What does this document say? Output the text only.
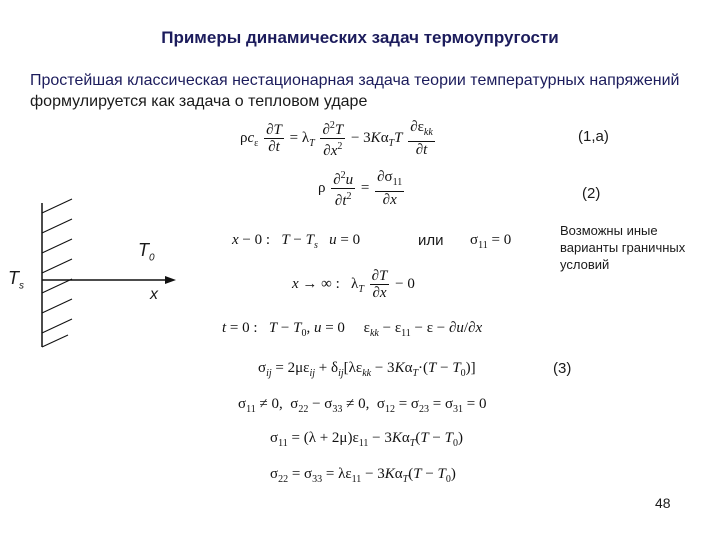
Примеры динамических задач термоупругости
Простейшая классическая нестационарная задача теории температурных напряжений формулируется как задача о тепловом ударе
$\rho c_\varepsilon \frac{\partial T}{\partial t} = \lambda_T \frac{\partial^2T}{\partial x^2} - 3K\alpha_TT \frac{\partial\varepsilon_{kk}}{\partial t}$	(1,a)
ρ $\frac{\partial^2u}{\partial t^2} = \frac{\partial\sigma_{11}}{\partial x}$	(2)
$T_0$
$T_s$	x
x − 0 :   $T - T_s$ u = 0	или $\sigma_{11} = 0$
Возможны иные варианты граничных условий
x → ∞ :   $\lambda_T \frac{\partial T}{\partial x} - 0$
t = 0 :   $T - T_0$, u = 0     $\varepsilon_{kk} - \varepsilon_{11} - \varepsilon - \partial u/\partial x$
$\sigma_{ij} = 2\mu\varepsilon_{ij} + \delta_{ij}[\lambda\varepsilon_{kk} - 3K\alpha_T\cdot(T - T_0)]$	(3)
$\sigma_{11} \ne 0$,  $\sigma_{22} - \sigma_{33} \ne 0$,  $\sigma_{12} = \sigma_{23} = \sigma_{31} = 0$
$\sigma_{11} = (\lambda + 2\mu)\varepsilon_{11} - 3K\alpha_T(T - T_0)$
$\sigma_{22} = \sigma_{33} = \lambda\varepsilon_{11} - 3K\alpha_T(T - T_0)$
48
